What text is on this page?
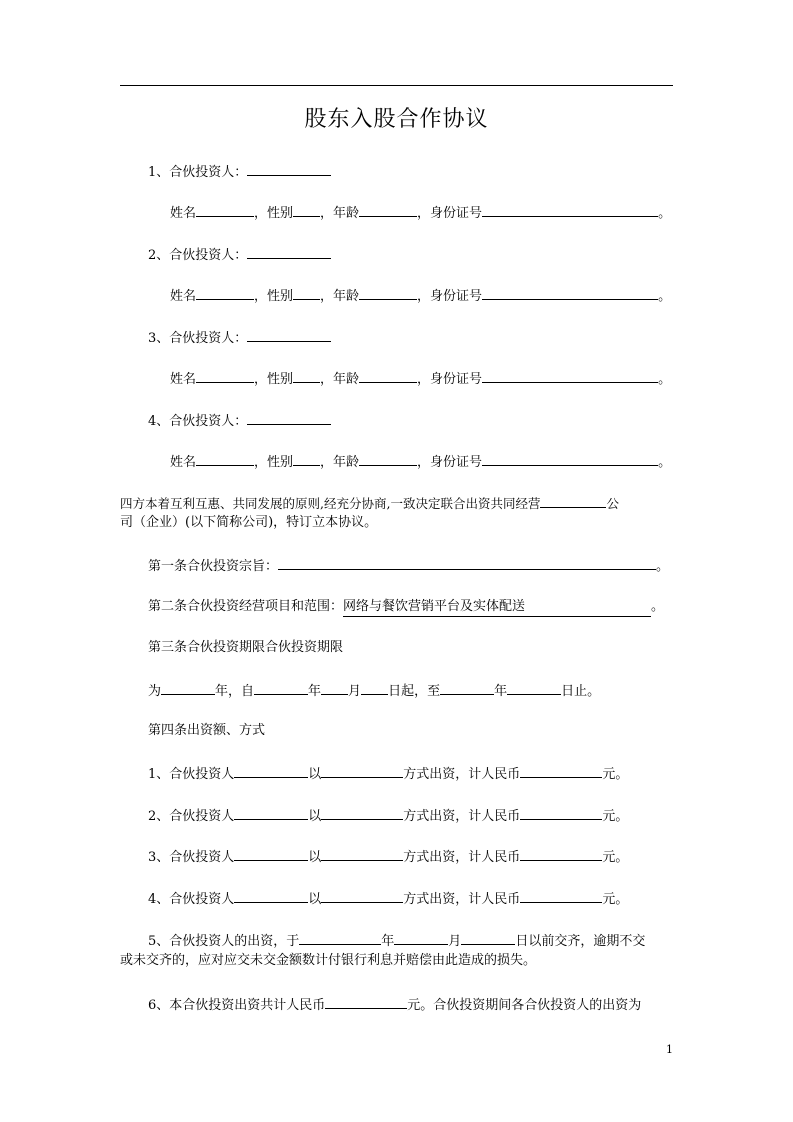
股东入股合作协议
1、合伙投资人：
姓名	，性别 ，年龄	，身份证号	。
2、合伙投资人：
姓名	，性别 ，年龄	，身份证号	。
3、合伙投资人：
姓名	，性别 ，年龄	，身份证号	。
4、合伙投资人：
姓名	，性别 ，年龄	，身份证号	。
四方本着互利互惠、共同发展的原则,经充分协商,一致决定联合出资共同经营	公
司（企业）(以下简称公司)，特订立本协议。
第一条合伙投资宗旨：	。
第二条合伙投资经营项目和范围：网络与餐饮营销平台及实体配送	。
第三条合伙投资期限合伙投资期限
为	年，自	年 月 日起，至	年	日止。
第四条出资额、方式
1、合伙投资人	以	方式出资，计人民币	元。
2、合伙投资人	以	方式出资，计人民币	元。
3、合伙投资人	以	方式出资，计人民币	元。
4、合伙投资人	以	方式出资，计人民币	元。
5、合伙投资人的出资，于	年	月	日以前交齐，逾期不交
或未交齐的，应对应交未交金额数计付银行利息并赔偿由此造成的损失。
6、本合伙投资出资共计人民币	元。合伙投资期间各合伙投资人的出资为
1
